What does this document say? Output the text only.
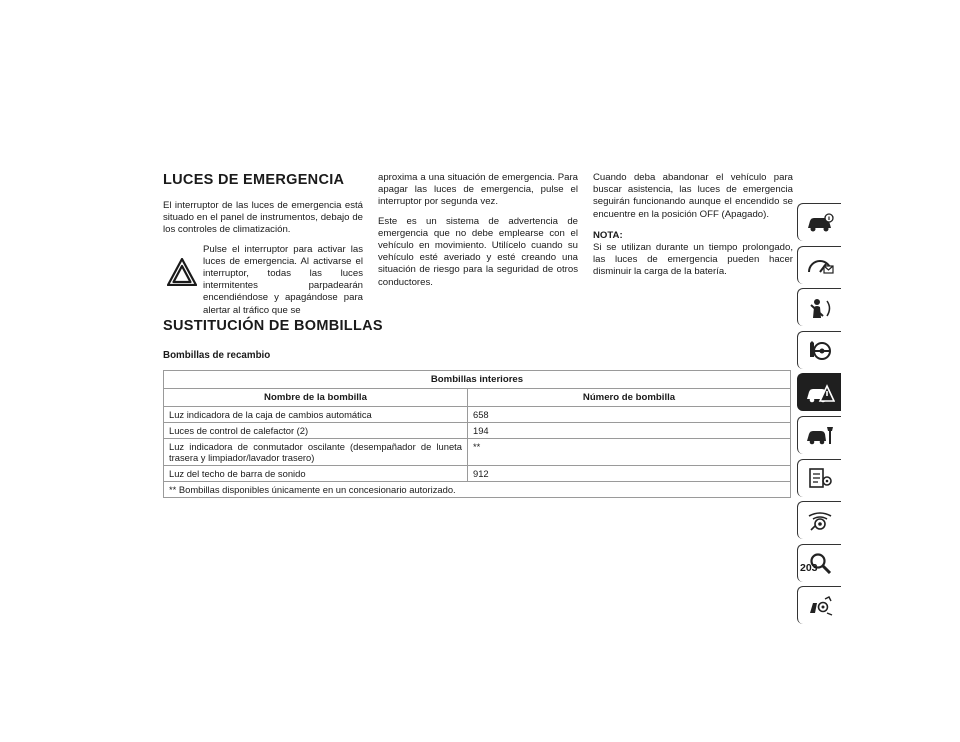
LUCES DE EMERGENCIA

El interruptor de las luces de emergencia está situado en el panel de instrumentos, debajo de los controles de climatización.

Pulse el interruptor para activar las luces de emergencia. Al activarse el interruptor, todas las luces intermitentes parpadearán encendiéndose y apagándose para alertar al tráfico que se

aproxima a una situación de emergencia. Para apagar las luces de emergencia, pulse el interruptor por segunda vez.

Este es un sistema de advertencia de emergencia que no debe emplearse con el vehículo en movimiento. Utilícelo cuando su vehículo esté averiado y esté creando una situación de riesgo para la seguridad de otros conductores.

Cuando deba abandonar el vehículo para buscar asistencia, las luces de emergencia seguirán funcionando aunque el encendido se encuentre en la posición OFF (Apagado).

NOTA:
Si se utilizan durante un tiempo prolongado, las luces de emergencia pueden hacer disminuir la carga de la batería.
SUSTITUCIÓN DE BOMBILLAS

Bombillas de recambio

Bombillas interiores	
Nombre de la bombilla	Número de bombilla
Luz indicadora de la caja de cambios automática	658
Luces de control de calefactor (2)	194
Luz indicadora de conmutador oscilante (desempañador de luneta trasera y limpiador/lavador trasero)	**
Luz del techo de barra de sonido	912
** Bombillas disponibles únicamente en un concesionario autorizado.	

203
